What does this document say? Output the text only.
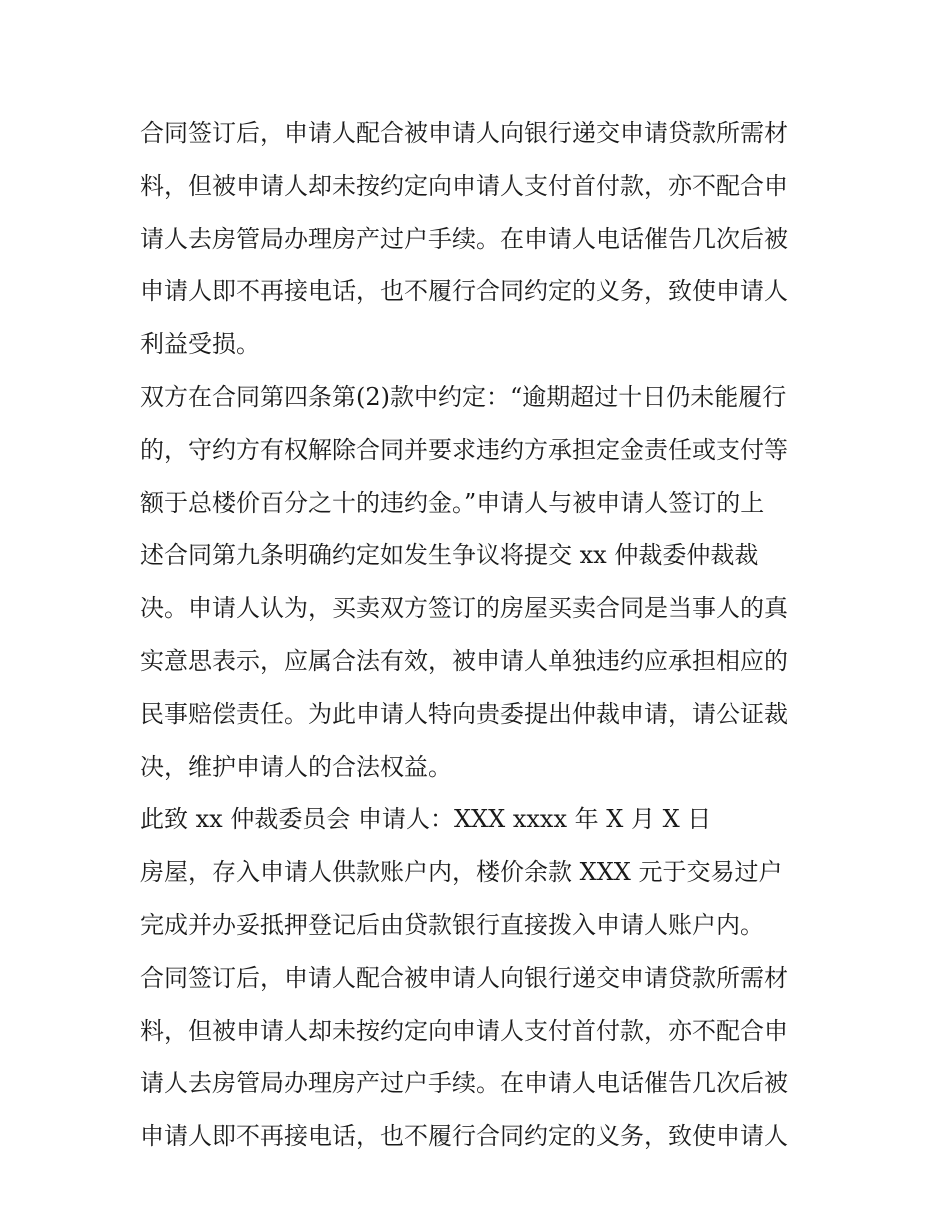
合同签订后，申请人配合被申请人向银行递交申请贷款所需材
料，但被申请人却未按约定向申请人支付首付款，亦不配合申
请人去房管局办理房产过户手续。在申请人电话催告几次后被
申请人即不再接电话，也不履行合同约定的义务，致使申请人
利益受损。
双方在合同第四条第(2)款中约定：“逾期超过十日仍未能履行
的，守约方有权解除合同并要求违约方承担定金责任或支付等
额于总楼价百分之十的违约金。”申请人与被申请人签订的上
述合同第九条明确约定如发生争议将提交 xx 仲裁委仲裁裁
决。申请人认为，买卖双方签订的房屋买卖合同是当事人的真
实意思表示，应属合法有效，被申请人单独违约应承担相应的
民事赔偿责任。为此申请人特向贵委提出仲裁申请，请公证裁
决，维护申请人的合法权益。
此致 xx 仲裁委员会 申请人：XXX xxxx 年 X 月 X 日
房屋，存入申请人供款账户内，楼价余款 XXX 元于交易过户
完成并办妥抵押登记后由贷款银行直接拨入申请人账户内。
合同签订后，申请人配合被申请人向银行递交申请贷款所需材
料，但被申请人却未按约定向申请人支付首付款，亦不配合申
请人去房管局办理房产过户手续。在申请人电话催告几次后被
申请人即不再接电话，也不履行合同约定的义务，致使申请人
